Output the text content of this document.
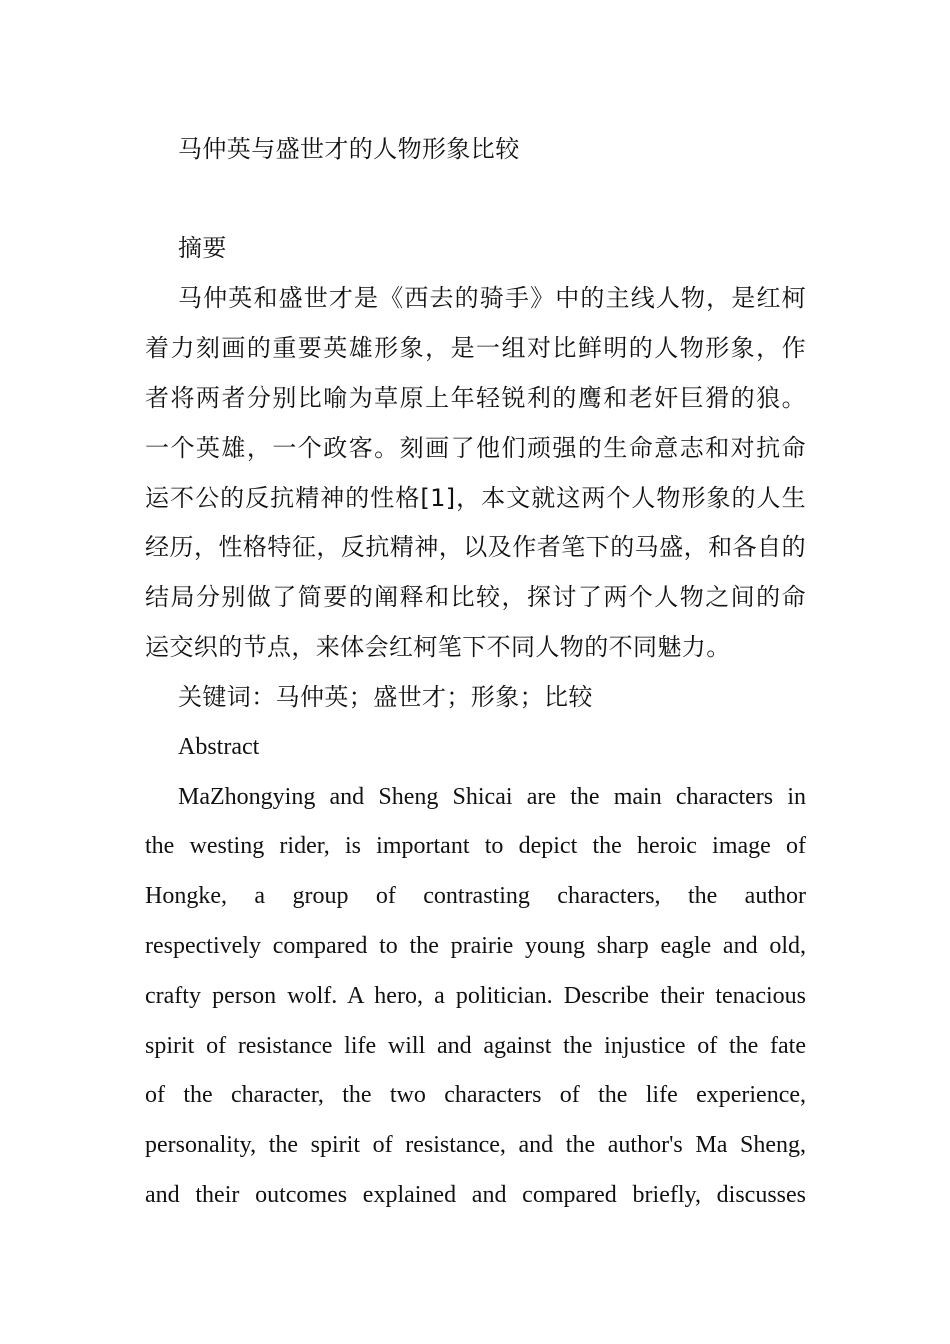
马仲英与盛世才的人物形象比较

摘要

马仲英和盛世才是《西去的骑手》中的主线人物，是红柯

着力刻画的重要英雄形象，是一组对比鲜明的人物形象，作

者将两者分别比喻为草原上年轻锐利的鹰和老奸巨猾的狼。

一个英雄，一个政客。刻画了他们顽强的生命意志和对抗命

运不公的反抗精神的性格[1]，本文就这两个人物形象的人生

经历，性格特征，反抗精神，以及作者笔下的马盛，和各自的

结局分别做了简要的阐释和比较，探讨了两个人物之间的命

运交织的节点，来体会红柯笔下不同人物的不同魅力。

关键词：马仲英；盛世才；形象；比较

Abstract

MaZhongying and Sheng Shicai are the main characters in

the westing rider, is important to depict the heroic image of

Hongke, a group of contrasting characters, the author

respectively compared to the prairie young sharp eagle and old,

crafty person wolf. A hero, a politician. Describe their tenacious

spirit of resistance life will and against the injustice of the fate

of the character, the two characters of the life experience,

personality, the spirit of resistance, and the author's Ma Sheng,

and their outcomes explained and compared briefly, discusses
